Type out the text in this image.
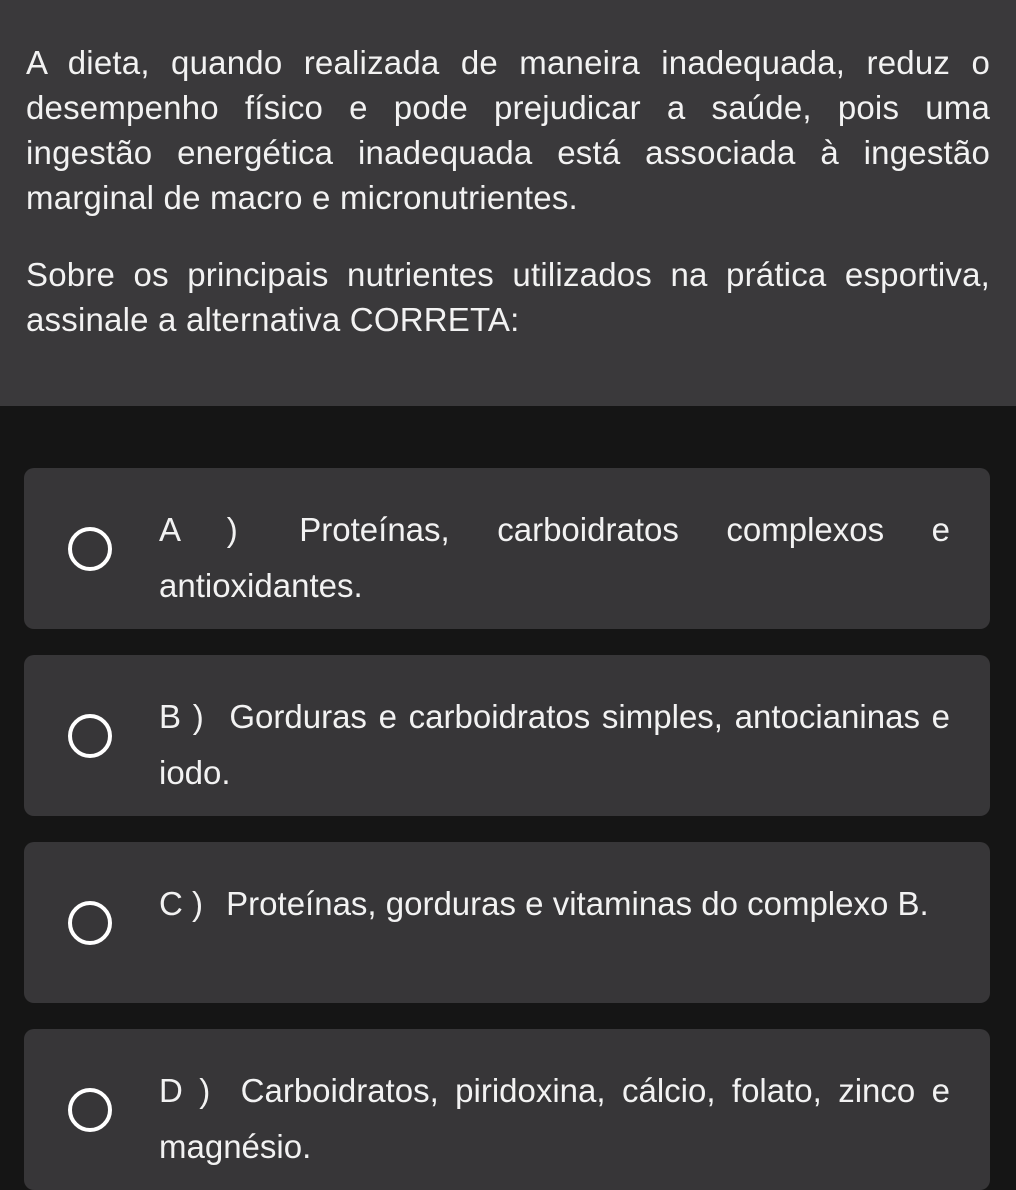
A dieta, quando realizada de maneira inadequada, reduz o desempenho físico e pode prejudicar a saúde, pois uma ingestão energética inadequada está associada à ingestão marginal de macro e micronutrientes.

Sobre os principais nutrientes utilizados na prática esportiva, assinale a alternativa CORRETA:

A ) Proteínas, carboidratos complexos e antioxidantes.

B ) Gorduras e carboidratos simples, antocianinas e iodo.

C ) Proteínas, gorduras e vitaminas do complexo B.

D ) Carboidratos, piridoxina, cálcio, folato, zinco e magnésio.
